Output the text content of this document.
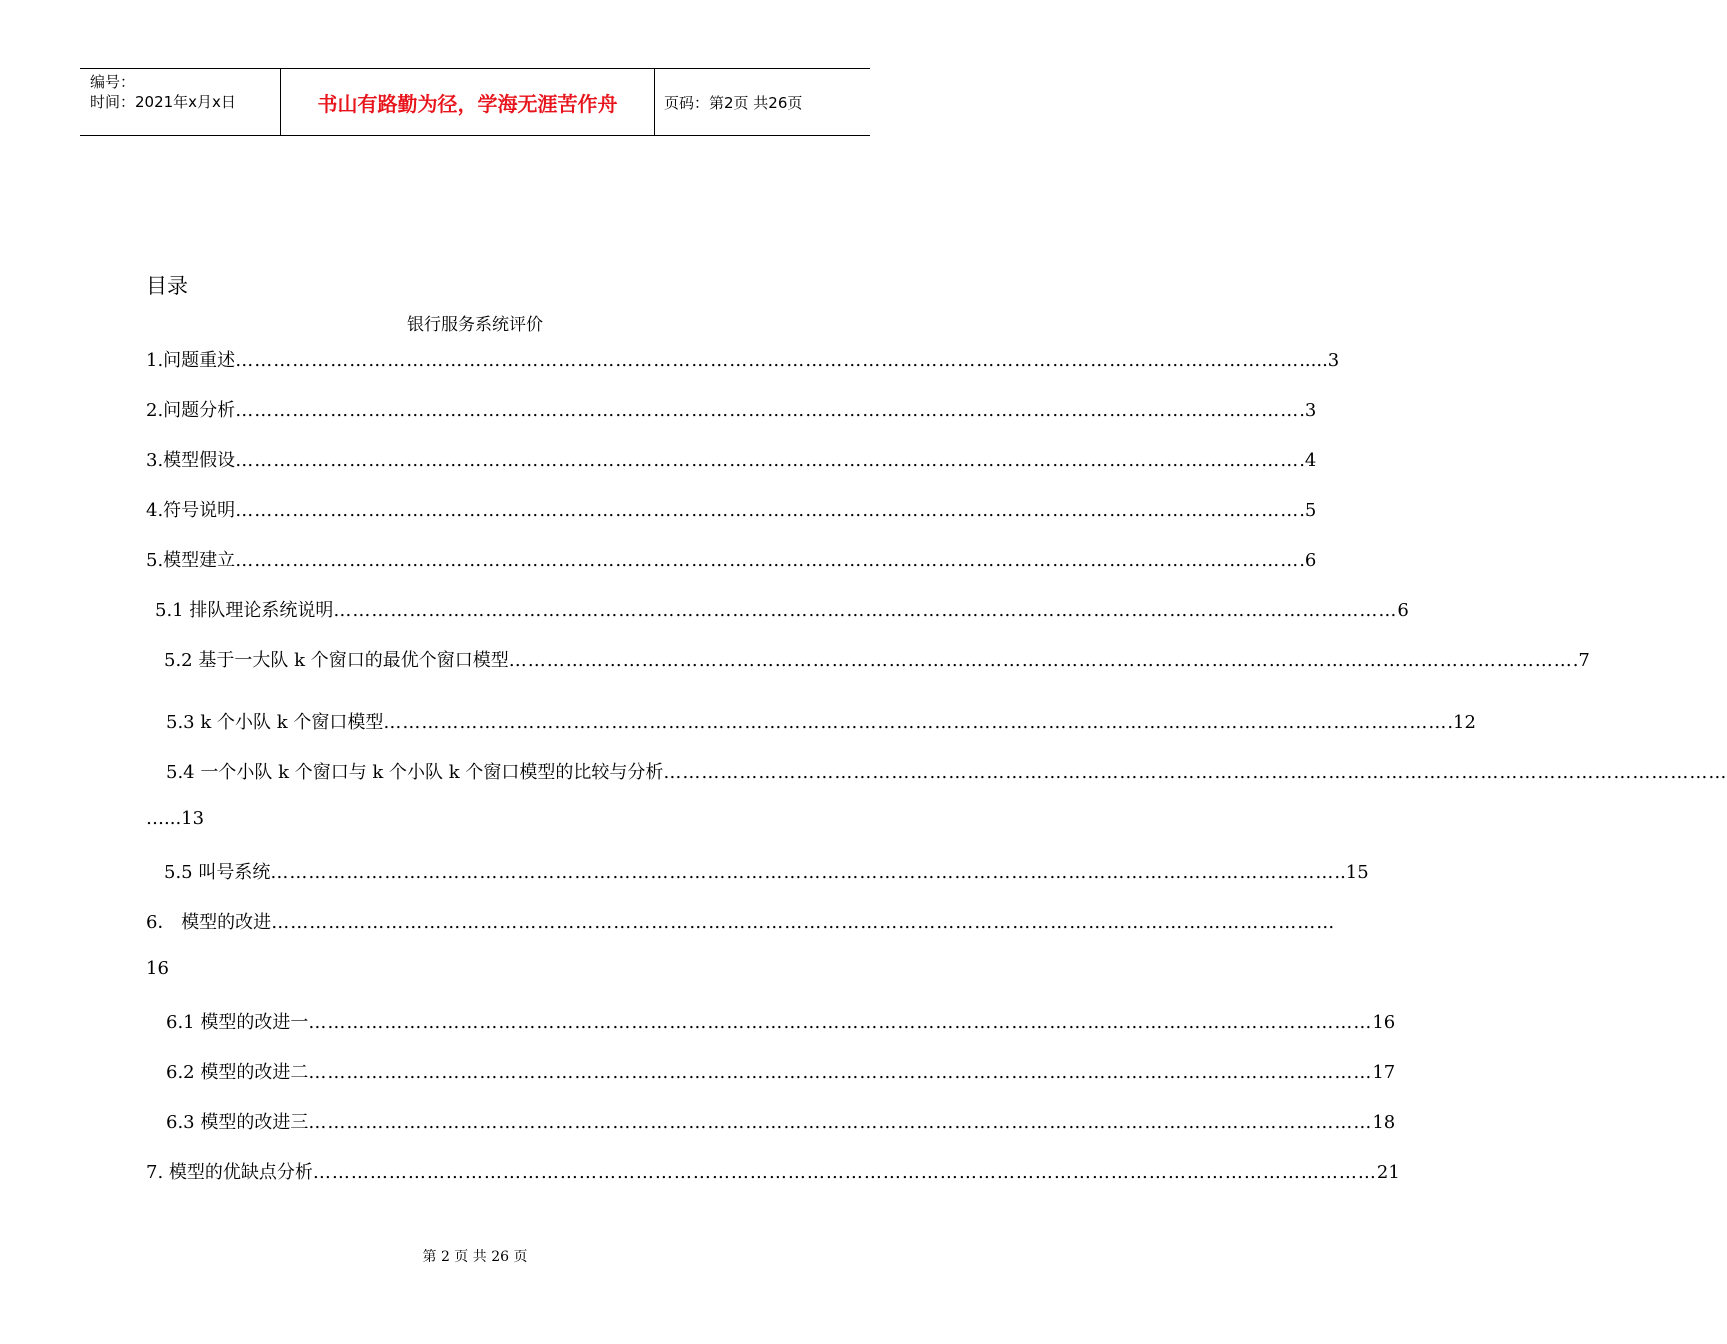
编号：
时间：2021年x月x日	书山有路勤为径，学海无涯苦作舟	页码：第2页 共26页
目录
银行服务系统评价
1.问题重述 …………………………………………………………………………………………………………………………………………………… .....3
2.问题分析 …………………………………………………………………………………………………………………………………………………… .3
3.模型假设 …………………………………………………………………………………………………………………………………………………… .4
4.符号说明 …………………………………………………………………………………………………………………………………………………… .5
5.模型建立 …………………………………………………………………………………………………………………………………………………… .6
5.1 排队理论系统说明 …………………………………………………………………………………………………………………………………………………… 6
5.2 基于一大队 k 个窗口的最优个窗口模型 …………………………………………………………………………………………………………………………………………………… .7
5.3 k 个小队 k 个窗口模型 …………………………………………………………………………………………………………………………………………………… .12
5.4 一个小队 k 个窗口与 k 个小队 k 个窗口模型的比较与分析 ……………………………………………………………………………………………………………………………………………………
…...13
5.5 叫号系统 …………………………………………………………………………………………………………………………………………………… ..15
6． 模型的改进 ……………………………………………………………………………………………………………………………………………………
16
6.1 模型的改进一 …………………………………………………………………………………………………………………………………………………… 16
6.2 模型的改进二 …………………………………………………………………………………………………………………………………………………… 17
6.3 模型的改进三 …………………………………………………………………………………………………………………………………………………… 18
7. 模型的优缺点分析 …………………………………………………………………………………………………………………………………………………… 21
第 2 页 共 26 页
